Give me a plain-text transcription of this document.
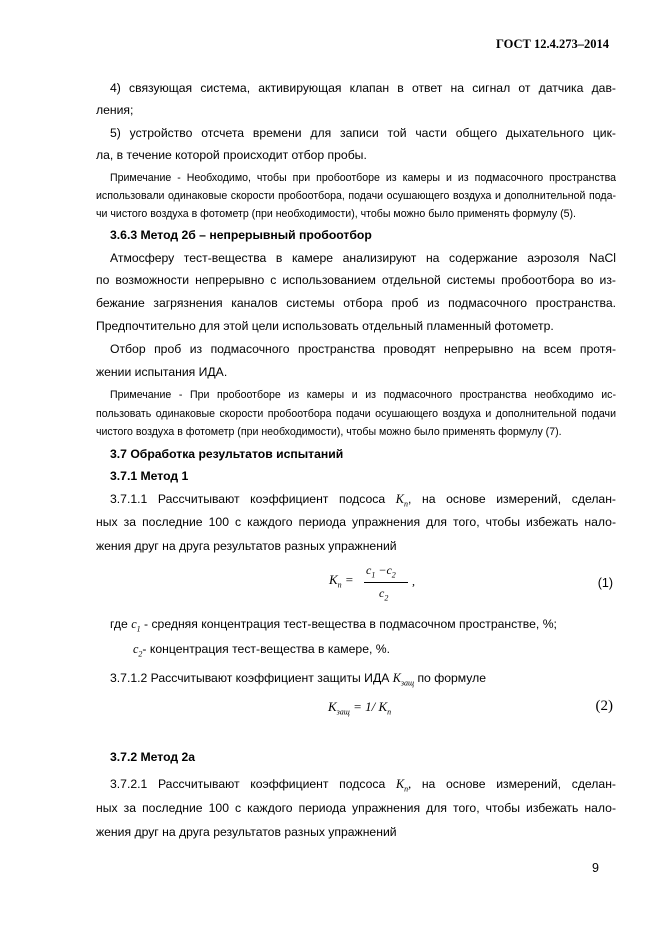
ГОСТ 12.4.273–2014
4) связующая система, активирующая клапан в ответ на сигнал от датчика дав-
ления;
5) устройство отсчета времени для записи той части общего дыхательного цик-
ла, в течение которой происходит отбор пробы.
Примечание - Необходимо, чтобы при пробоотборе из камеры и из подмасочного пространства
использовали одинаковые скорости пробоотбора, подачи осушающего воздуха и дополнительной пода-
чи чистого воздуха в фотометр (при необходимости), чтобы можно было применять формулу (5).
3.6.3 Метод 2б – непрерывный пробоотбор
Атмосферу тест-вещества в камере анализируют на содержание аэрозоля NaCl
по возможности непрерывно с использованием отдельной системы пробоотбора во из-
бежание загрязнения каналов системы отбора проб из подмасочного пространства.
Предпочтительно для этой цели использовать отдельный пламенный фотометр.
Отбор проб из подмасочного пространства проводят непрерывно на всем протя-
жении испытания ИДА.
Примечание - При пробоотборе из камеры и из подмасочного пространства необходимо ис-
пользовать одинаковые скорости пробоотбора подачи осушающего воздуха и дополнительной подачи
чистого воздуха в фотометр (при необходимости), чтобы можно было применять формулу (7).
3.7 Обработка результатов испытаний
3.7.1 Метод 1
3.7.1.1 Рассчитывают коэффициент подсоса $K_п$, на основе измерений, сделан-
ных за последние 100 с каждого периода упражнения для того, чтобы избежать нало-
жения друг на друга результатов разных упражнений
$K_п$ =
$c_1 -c_2$
$c_2$
,	(1)
где $c_1$ - средняя концентрация тест-вещества в подмасочном пространстве, %;
$c_2-$ концентрация тест-вещества в камере, %.
3.7.1.2 Рассчитывают коэффициент защиты ИДА $K_{защ}$ по формуле
$K_{защ} = 1/$ $K_п$	(2)
3.7.2 Метод 2а
3.7.2.1 Рассчитывают коэффициент подсоса $K_п$, на основе измерений, сделан-
ных за последние 100 с каждого периода упражнения для того, чтобы избежать нало-
жения друг на друга результатов разных упражнений
9
